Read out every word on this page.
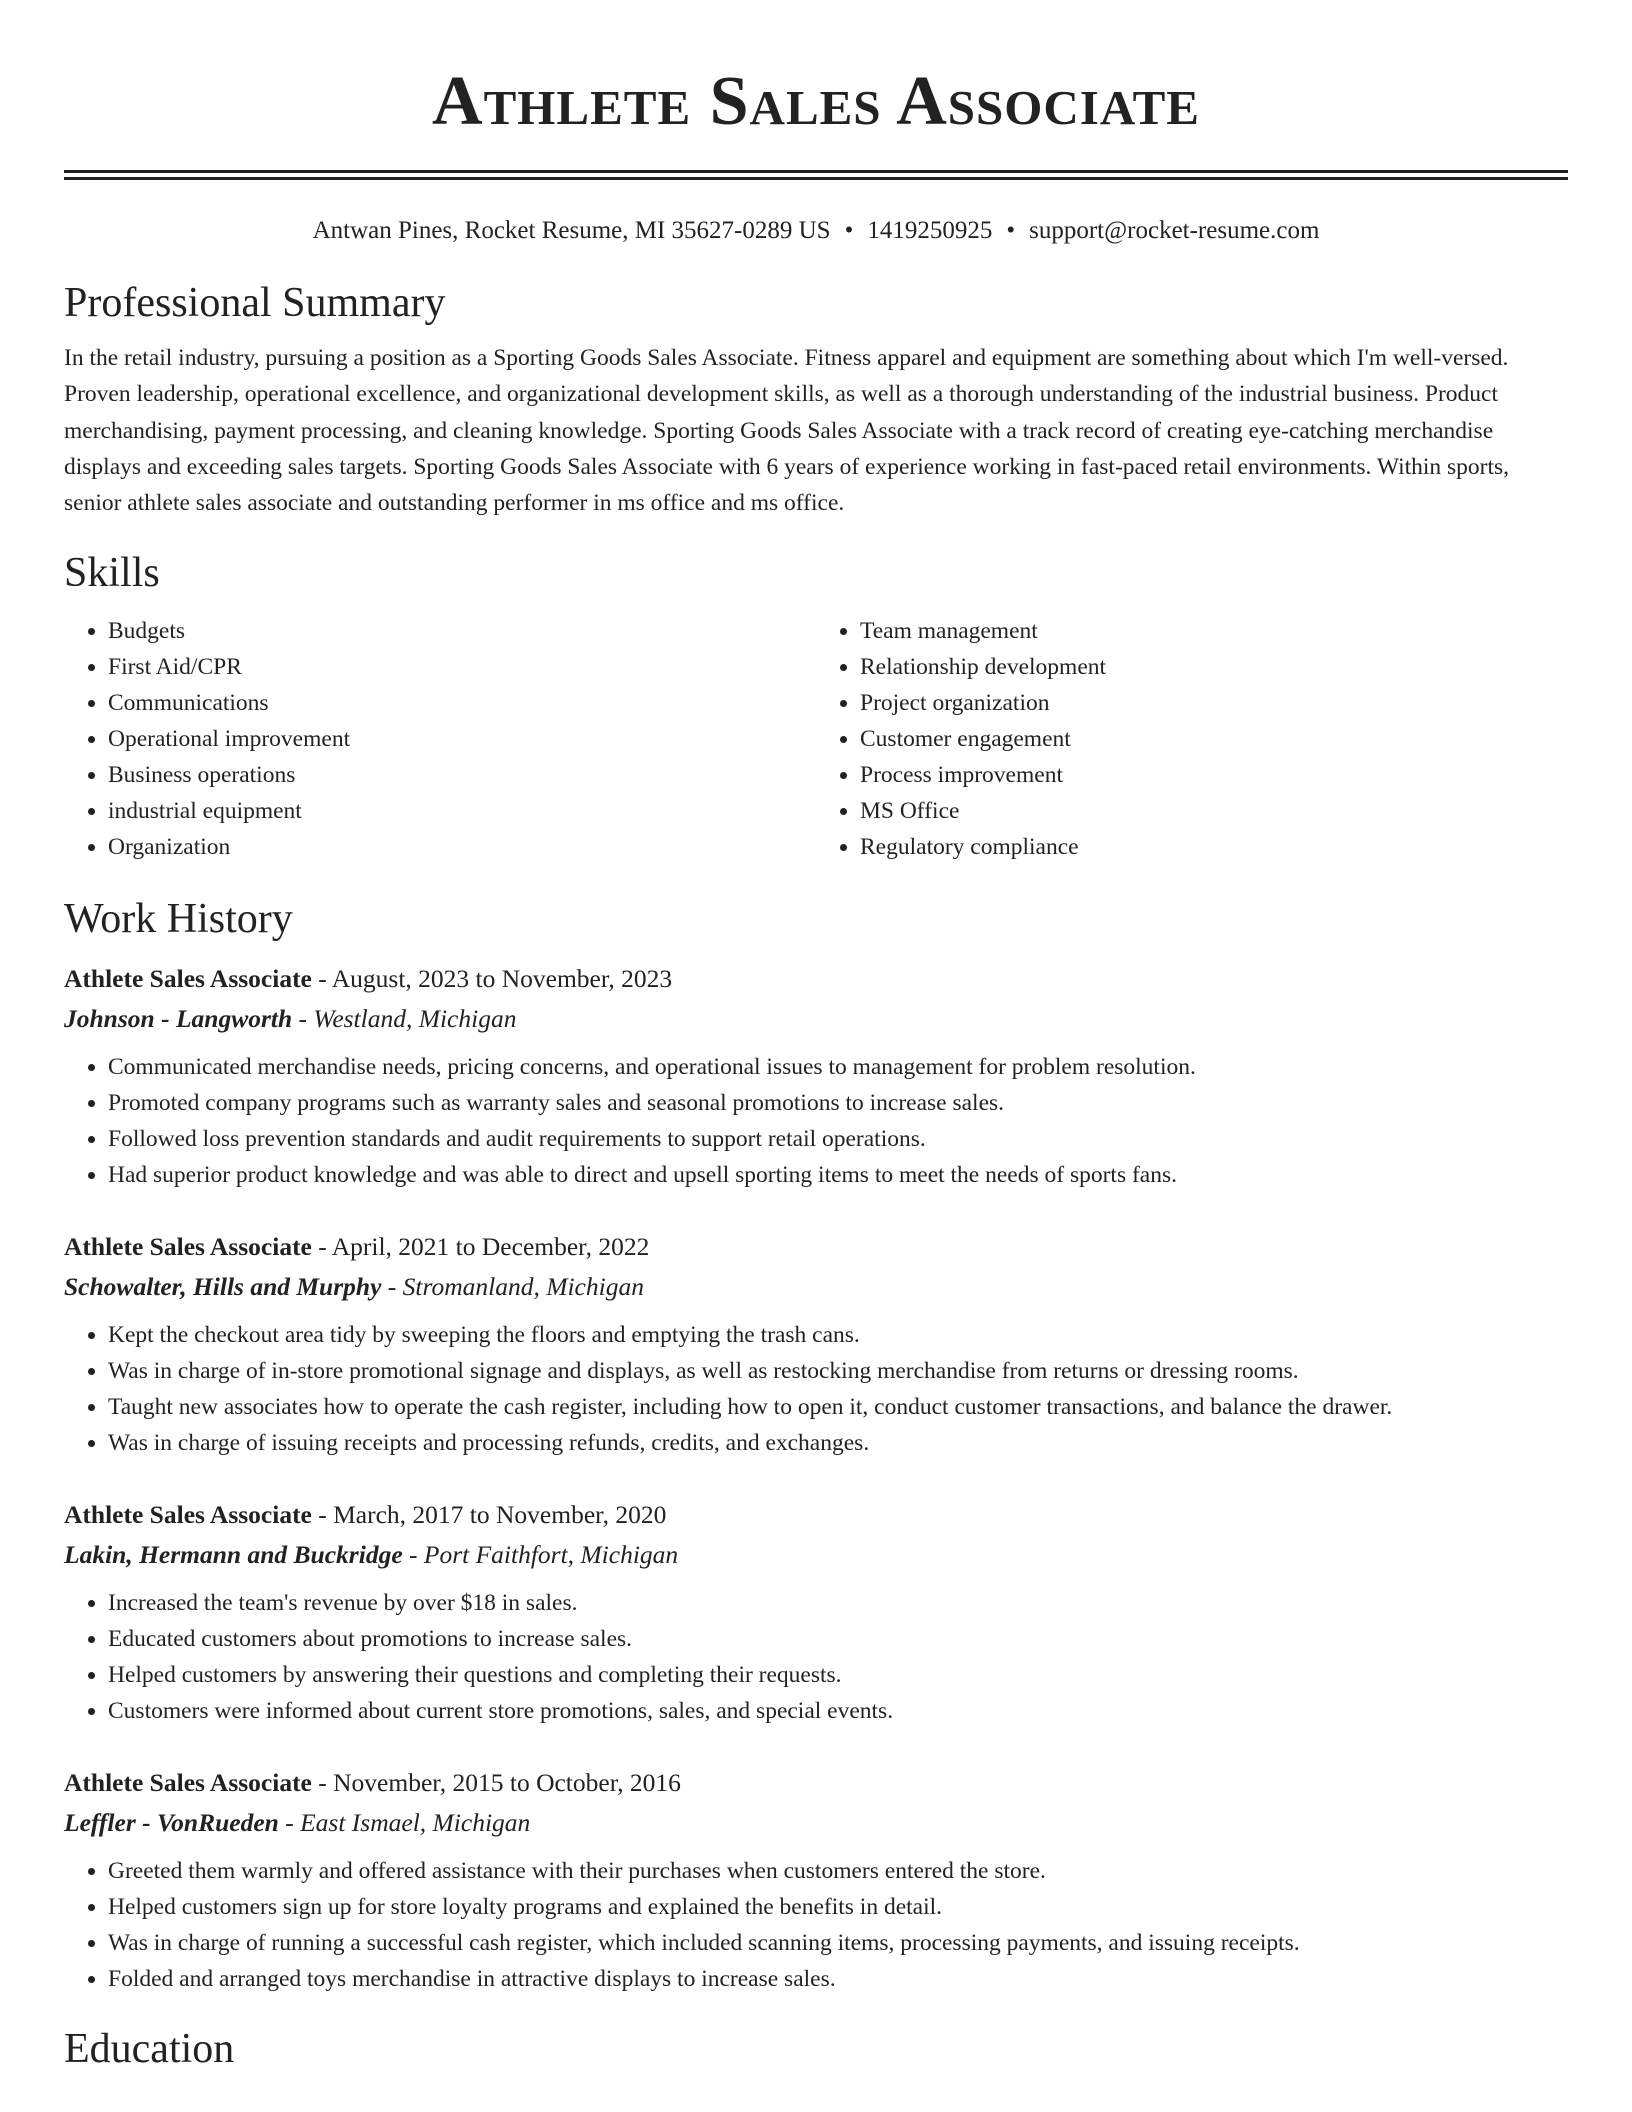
Athlete Sales Associate
Antwan Pines, Rocket Resume, MI 35627-0289 US • 1419250925 • support@rocket-resume.com
Professional Summary

In the retail industry, pursuing a position as a Sporting Goods Sales Associate. Fitness apparel and equipment are something about which I'm well-versed. Proven leadership, operational excellence, and organizational development skills, as well as a thorough understanding of the industrial business. Product merchandising, payment processing, and cleaning knowledge. Sporting Goods Sales Associate with a track record of creating eye-catching merchandise displays and exceeding sales targets. Sporting Goods Sales Associate with 6 years of experience working in fast-paced retail environments. Within sports, senior athlete sales associate and outstanding performer in ms office and ms office.

Skills
• Budgets
• First Aid/CPR
• Communications
• Operational improvement
• Business operations
• industrial equipment
• Organization
• Team management
• Relationship development
• Project organization
• Customer engagement
• Process improvement
• MS Office
• Regulatory compliance
Work History
Athlete Sales Associate - August, 2023 to November, 2023
Johnson - Langworth - Westland, Michigan
• Communicated merchandise needs, pricing concerns, and operational issues to management for problem resolution.
• Promoted company programs such as warranty sales and seasonal promotions to increase sales.
• Followed loss prevention standards and audit requirements to support retail operations.
• Had superior product knowledge and was able to direct and upsell sporting items to meet the needs of sports fans.
Athlete Sales Associate - April, 2021 to December, 2022
Schowalter, Hills and Murphy - Stromanland, Michigan
• Kept the checkout area tidy by sweeping the floors and emptying the trash cans.
• Was in charge of in-store promotional signage and displays, as well as restocking merchandise from returns or dressing rooms.
• Taught new associates how to operate the cash register, including how to open it, conduct customer transactions, and balance the drawer.
• Was in charge of issuing receipts and processing refunds, credits, and exchanges.
Athlete Sales Associate - March, 2017 to November, 2020
Lakin, Hermann and Buckridge - Port Faithfort, Michigan
• Increased the team's revenue by over $18 in sales.
• Educated customers about promotions to increase sales.
• Helped customers by answering their questions and completing their requests.
• Customers were informed about current store promotions, sales, and special events.
Athlete Sales Associate - November, 2015 to October, 2016
Leffler - VonRueden - East Ismael, Michigan
• Greeted them warmly and offered assistance with their purchases when customers entered the store.
• Helped customers sign up for store loyalty programs and explained the benefits in detail.
• Was in charge of running a successful cash register, which included scanning items, processing payments, and issuing receipts.
• Folded and arranged toys merchandise in attractive displays to increase sales.
Education
